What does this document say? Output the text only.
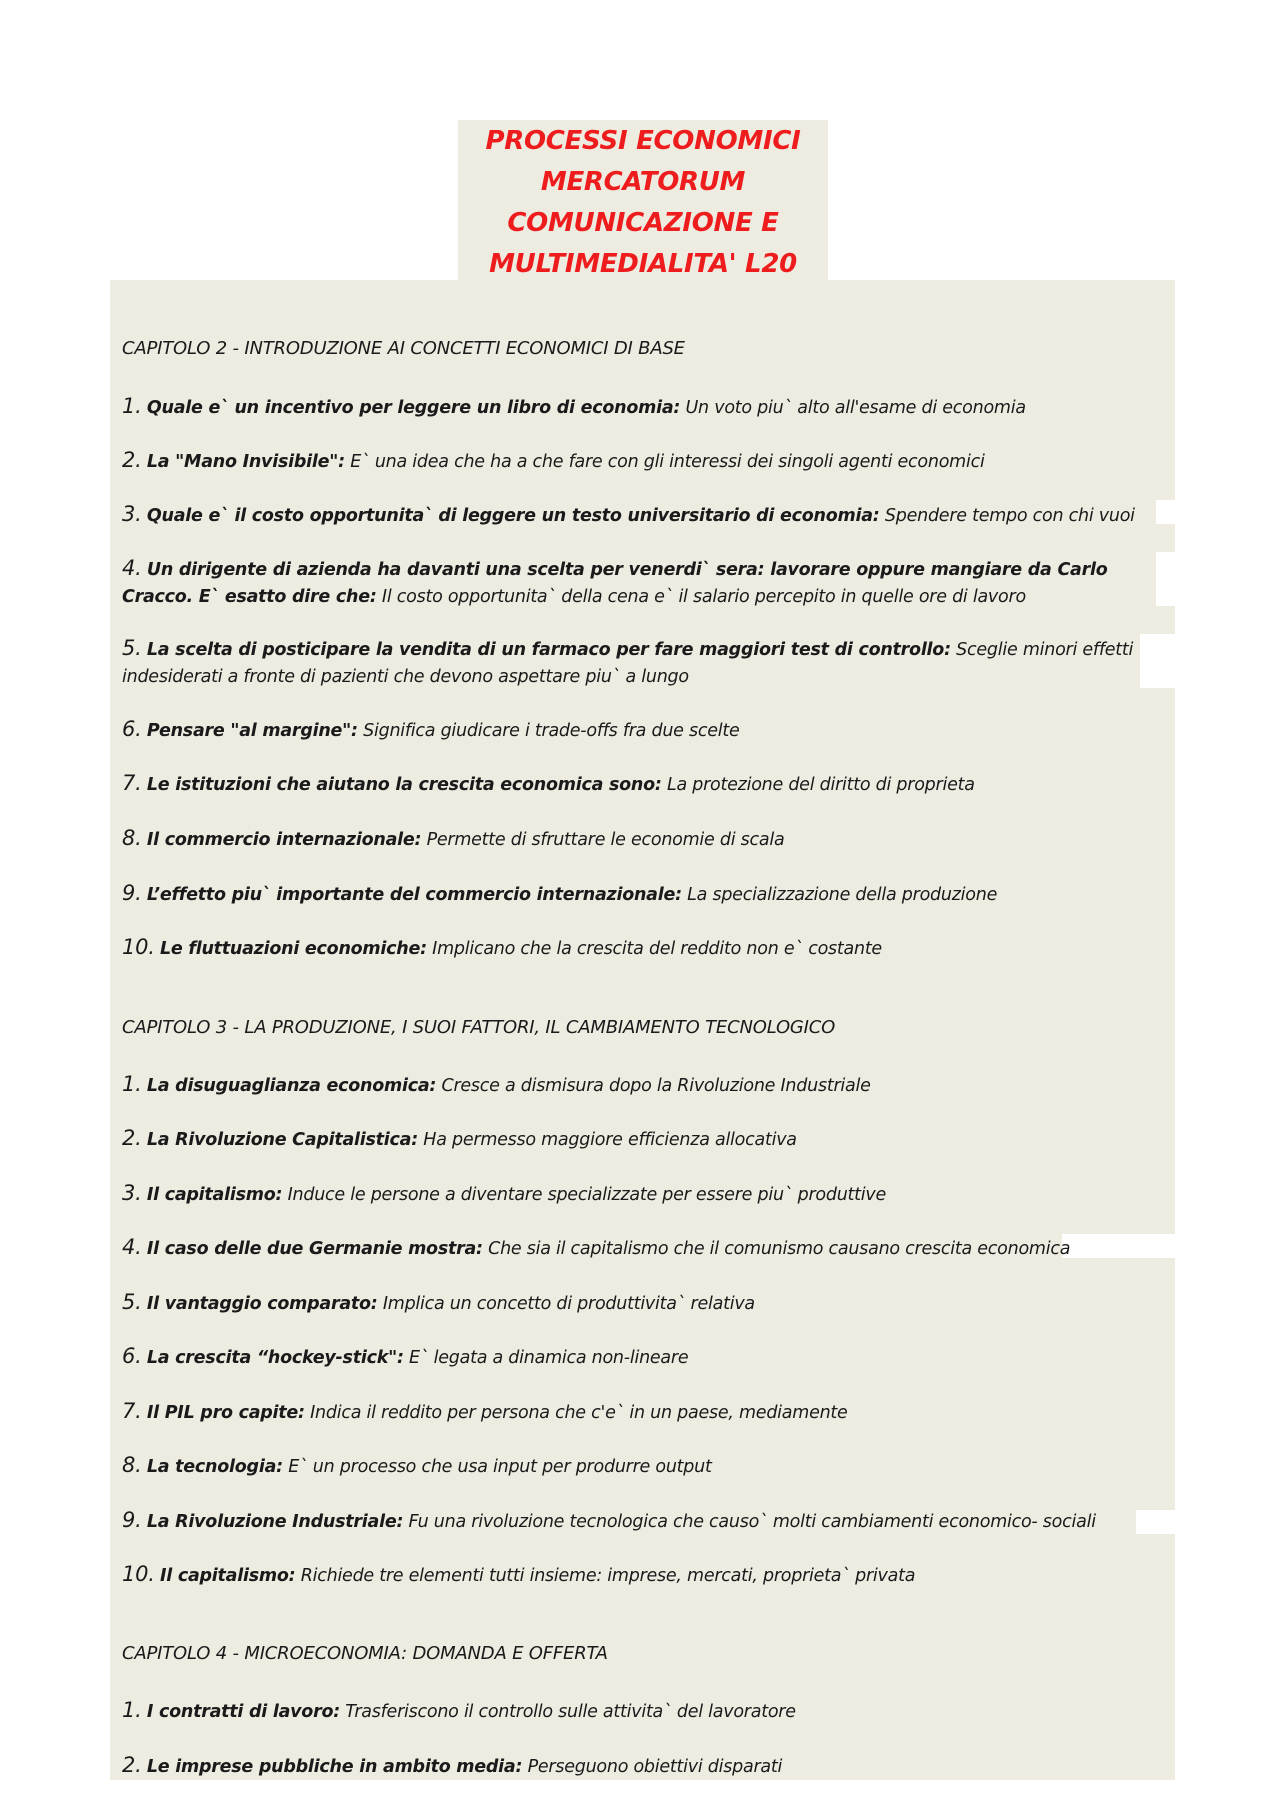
PROCESSI ECONOMICI
MERCATORUM
COMUNICAZIONE E
MULTIMEDIALITA' L20
CAPITOLO 2 - INTRODUZIONE AI CONCETTI ECONOMICI DI BASE
1. Quale e` un incentivo per leggere un libro di economia: Un voto piu` alto all'esame di economia
2. La "Mano Invisibile": E` una idea che ha a che fare con gli interessi dei singoli agenti economici
3. Quale e` il costo opportunita` di leggere un testo universitario di economia: Spendere tempo con chi vuoi
4. Un dirigente di azienda ha davanti una scelta per venerdi` sera: lavorare oppure mangiare da Carlo Cracco. E` esatto dire che: Il costo opportunita` della cena e` il salario percepito in quelle ore di lavoro
5. La scelta di posticipare la vendita di un farmaco per fare maggiori test di controllo: Sceglie minori effetti indesiderati a fronte di pazienti che devono aspettare piu` a lungo
6. Pensare "al margine": Significa giudicare i trade-offs fra due scelte
7. Le istituzioni che aiutano la crescita economica sono: La protezione del diritto di proprieta
8. Il commercio internazionale: Permette di sfruttare le economie di scala
9. L’effetto piu` importante del commercio internazionale: La specializzazione della produzione
10. Le fluttuazioni economiche: Implicano che la crescita del reddito non e` costante
CAPITOLO 3 - LA PRODUZIONE, I SUOI FATTORI, IL CAMBIAMENTO TECNOLOGICO
1. La disuguaglianza economica: Cresce a dismisura dopo la Rivoluzione Industriale
2. La Rivoluzione Capitalistica: Ha permesso maggiore efficienza allocativa
3. Il capitalismo: Induce le persone a diventare specializzate per essere piu` produttive
4. Il caso delle due Germanie mostra: Che sia il capitalismo che il comunismo causano crescita economica
5. Il vantaggio comparato: Implica un concetto di produttivita` relativa
6. La crescita “hockey-stick": E` legata a dinamica non-lineare
7. Il PIL pro capite: Indica il reddito per persona che c'e` in un paese, mediamente
8. La tecnologia: E` un processo che usa input per produrre output
9. La Rivoluzione Industriale: Fu una rivoluzione tecnologica che causo` molti cambiamenti economico- sociali
10. Il capitalismo: Richiede tre elementi tutti insieme: imprese, mercati, proprieta` privata
CAPITOLO 4 - MICROECONOMIA: DOMANDA E OFFERTA
1. I contratti di lavoro: Trasferiscono il controllo sulle attivita` del lavoratore
2. Le imprese pubbliche in ambito media: Perseguono obiettivi disparati
